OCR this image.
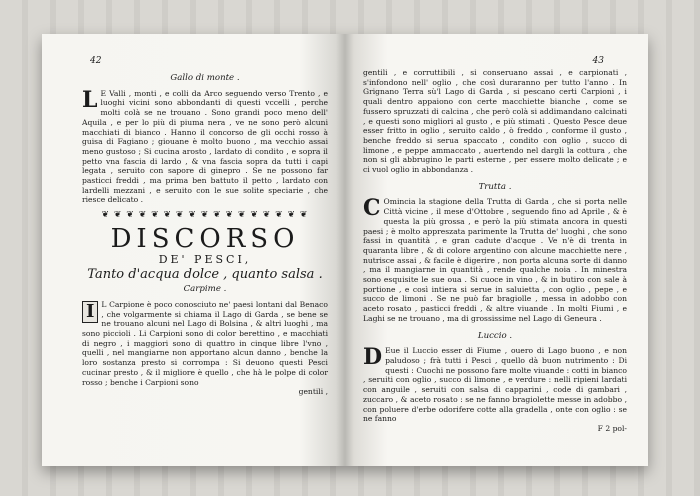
42
Gallo di monte .

L E Valli , monti , e colli da Arco seguendo verso Trento , e luoghi vicini sono abbondanti di questi vccelli , perche molti colà se ne trouano . Sono grandi poco meno dell' Aquila , e per lo più di piuma nera , ve ne sono però alcuni macchiati di bianco . Hanno il concorso de gli occhi rosso à guisa di Fagiano ; giouane è molto buono , ma vecchio assai meno gustoso ; Si cucina arosto , lardato di condito , e sopra il petto vna fascia di lardo , & vna fascia sopra da tutti i capi legata , seruito con sapore di ginepro . Se ne possono far pasticci freddi , ma prima ben battuto il petto , lardato con lardelli mezzani , e seruito con le sue solite speciarie , che riesce delicato .

❦ ❦ ❦ ❦ ❦ ❦ ❦ ❦ ❦ ❦ ❦ ❦ ❦ ❦ ❦ ❦ ❦
DISCORSO
DE' PESCI,
Tanto d'acqua dolce , quanto salsa .
Carpime .

I L Carpione è poco conosciuto ne' paesi lontani dal Benaco , che volgarmente si chiama il Lago di Garda , se bene se ne trouano alcuni nel Lago di Bolsina , & altri luoghi , ma sono piccioli . Li Carpioni sono di color berettino , e macchiati di negro , i maggiori sono di quattro in cinque libre l'vno , quelli , nel mangiarne non apportano alcun danno , benche la loro sostanza presto si corrompa : Si deuono questi Pesci cucinar presto , & il migliore è quello , che hà le polpe di color rosso ; benche i Carpioni sono

gentili ,
43

gentili , e corruttibili , si conseruano assai , e carpionati , s'infondono nell' oglio , che così duraranno per tutto l'anno . In Grignano Terra sù'l Lago di Garda , si pescano certi Carpioni , i quali dentro appaiono con certe macchiette bianche , come se fussero spruzzati di calcina , che però colà si addimandano calcinati , e questi sono migliori al gusto , e più stimati . Questo Pesce deue esser fritto in oglio , seruito caldo , ò freddo , conforme il gusto , benche freddo si serua spaccato , condito con oglio , succo di limone , e peppe ammaccato , auertendo nel dargli la cottura , che non si gli abbrugino le parti esterne , per essere molto delicate ; e ci vuol oglio in abbondanza .

Trutta .

C Omincia la stagione della Trutta di Garda , che si porta nelle Città vicine , il mese d'Ottobre , seguendo fino ad Aprile , & è questa la più grossa , e però la più stimata ancora in questi paesi ; è molto appreszata parimente la Trutta de' luoghi , che sono fassi in quantità , e gran cadute d'acque . Ve n'è di trenta in quaranta libre , & di colore argentino con alcune macchiette nere , nutrisce assai , & facile è digerire , non porta alcuna sorte di danno , ma il mangiarne in quantità , rende qualche noia . In minestra sono esquisite le sue oua . Si cuoce in vino , & in butiro con sale à portione , e così intiera si serue in saluietta , con oglio , pepe , e succo de limoni . Se ne può far bragiolle , messa in adobbo con aceto rosato , pasticci freddi , & altre viuande . In molti Fiumi , e Laghi se ne trouano , ma di grossissime nel Lago di Geneura .

Luccio .

D Eue il Luccio esser di Fiume , ouero di Lago buono , e non paludoso ; frà tutti i Pesci , quello dà buon nutrimento : Di questi : Cuochi ne possono fare molte viuande : cotti in bianco , seruiti con oglio , succo di limone , e verdure : nelli ripieni lardati con anguile , seruiti con salsa di capparini , code di gambari , zuccaro , & aceto rosato : se ne fanno bragiolette messe in adobbo , con poluere d'erbe odorifere cotte alla gradella , onte con oglio : se ne fanno

F 2 pol-
